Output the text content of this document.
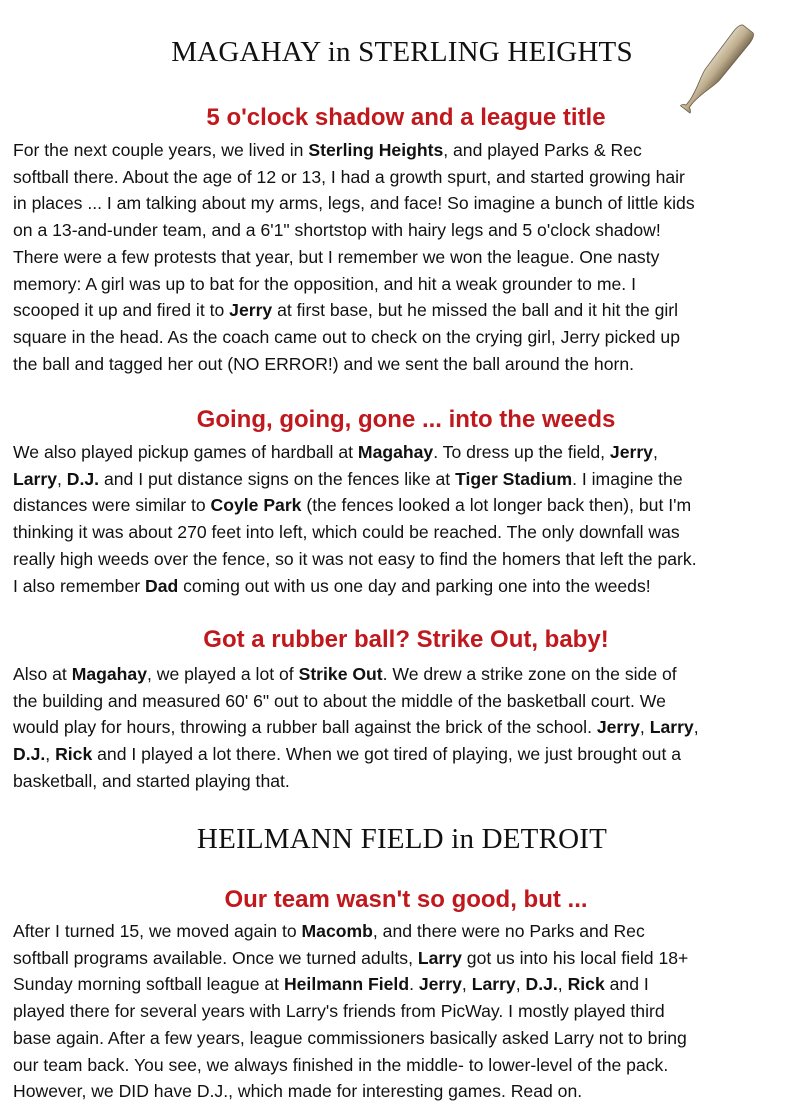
MAGAHAY in STERLING HEIGHTS
5 o'clock shadow and a league title

For the next couple years, we lived in Sterling Heights, and played Parks & Rec
softball there. About the age of 12 or 13, I had a growth spurt, and started growing hair
in places ... I am talking about my arms, legs, and face! So imagine a bunch of little kids
on a 13-and-under team, and a 6'1" shortstop with hairy legs and 5 o'clock shadow!
There were a few protests that year, but I remember we won the league. One nasty
memory: A girl was up to bat for the opposition, and hit a weak grounder to me. I
scooped it up and fired it to Jerry at first base, but he missed the ball and it hit the girl
square in the head. As the coach came out to check on the crying girl, Jerry picked up
the ball and tagged her out (NO ERROR!) and we sent the ball around the horn.

Going, going, gone ... into the weeds

We also played pickup games of hardball at Magahay. To dress up the field, Jerry,
Larry, D.J. and I put distance signs on the fences like at Tiger Stadium. I imagine the
distances were similar to Coyle Park (the fences looked a lot longer back then), but I'm
thinking it was about 270 feet into left, which could be reached. The only downfall was
really high weeds over the fence, so it was not easy to find the homers that left the park.
I also remember Dad coming out with us one day and parking one into the weeds!

Got a rubber ball? Strike Out, baby!

Also at Magahay, we played a lot of Strike Out. We drew a strike zone on the side of
the building and measured 60' 6" out to about the middle of the basketball court. We
would play for hours, throwing a rubber ball against the brick of the school. Jerry, Larry,
D.J., Rick and I played a lot there. When we got tired of playing, we just brought out a
basketball, and started playing that.

HEILMANN FIELD in DETROIT
Our team wasn't so good, but ...

After I turned 15, we moved again to Macomb, and there were no Parks and Rec
softball programs available. Once we turned adults, Larry got us into his local field 18+
Sunday morning softball league at Heilmann Field. Jerry, Larry, D.J., Rick and I
played there for several years with Larry's friends from PicWay. I mostly played third
base again. After a few years, league commissioners basically asked Larry not to bring
our team back. You see, we always finished in the middle- to lower-level of the pack.
However, we DID have D.J., which made for interesting games. Read on.
